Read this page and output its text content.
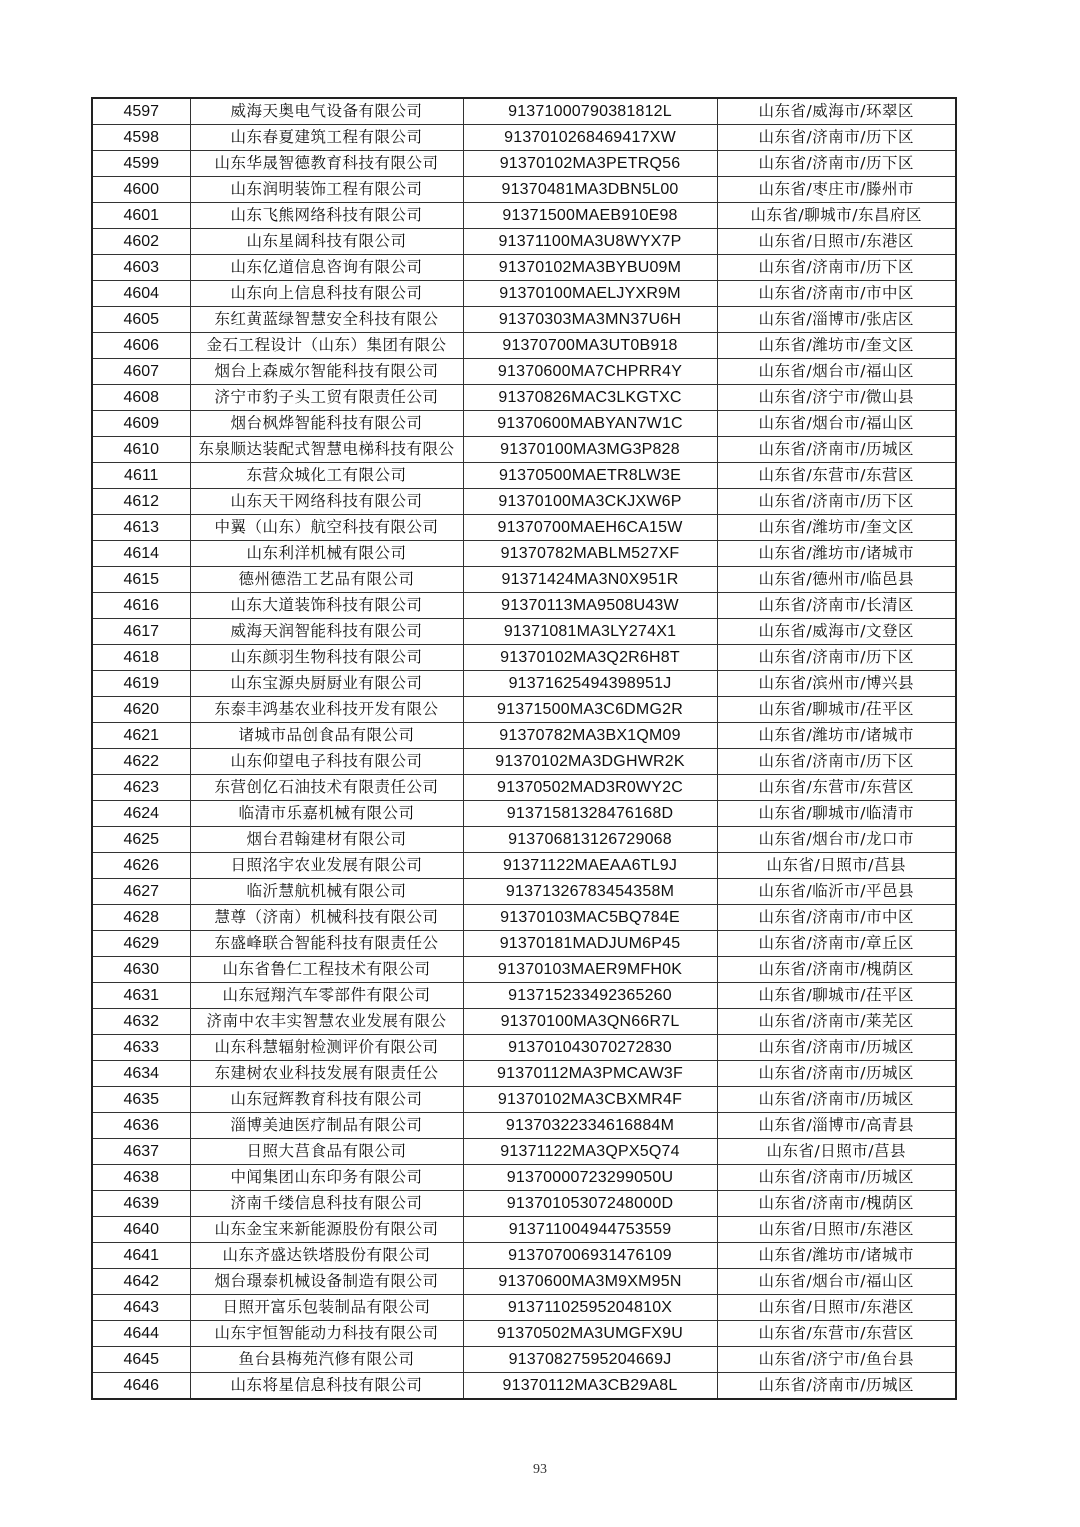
4597	威海天奥电气设备有限公司	91371000790381812L	山东省/威海市/环翠区
4598	山东春夏建筑工程有限公司	9137010268469417XW	山东省/济南市/历下区
4599	山东华晟智德教育科技有限公司	91370102MA3PETRQ56	山东省/济南市/历下区
4600	山东润明装饰工程有限公司	91370481MA3DBN5L00	山东省/枣庄市/滕州市
4601	山东飞熊网络科技有限公司	91371500MAEB910E98	山东省/聊城市/东昌府区
4602	山东星阔科技有限公司	91371100MA3U8WYX7P	山东省/日照市/东港区
4603	山东亿道信息咨询有限公司	91370102MA3BYBU09M	山东省/济南市/历下区
4604	山东向上信息科技有限公司	91370100MAELJYXR9M	山东省/济南市/市中区
4605	东红黄蓝绿智慧安全科技有限公	91370303MA3MN37U6H	山东省/淄博市/张店区
4606	金石工程设计（山东）集团有限公	91370700MA3UT0B918	山东省/潍坊市/奎文区
4607	烟台上森威尔智能科技有限公司	91370600MA7CHPRR4Y	山东省/烟台市/福山区
4608	济宁市豹子头工贸有限责任公司	91370826MAC3LKGTXC	山东省/济宁市/微山县
4609	烟台枫烨智能科技有限公司	91370600MABYAN7W1C	山东省/烟台市/福山区
4610	东泉顺达装配式智慧电梯科技有限公	91370100MA3MG3P828	山东省/济南市/历城区
4611	东营众城化工有限公司	91370500MAETR8LW3E	山东省/东营市/东营区
4612	山东天干网络科技有限公司	91370100MA3CKJXW6P	山东省/济南市/历下区
4613	中翼（山东）航空科技有限公司	91370700MAEH6CA15W	山东省/潍坊市/奎文区
4614	山东利洋机械有限公司	91370782MABLM527XF	山东省/潍坊市/诸城市
4615	德州德浩工艺品有限公司	91371424MA3N0X951R	山东省/德州市/临邑县
4616	山东大道装饰科技有限公司	91370113MA9508U43W	山东省/济南市/长清区
4617	威海天润智能科技有限公司	91371081MA3LY274X1	山东省/威海市/文登区
4618	山东颜羽生物科技有限公司	91370102MA3Q2R6H8T	山东省/济南市/历下区
4619	山东宝源央厨厨业有限公司	91371625494398951J	山东省/滨州市/博兴县
4620	东泰丰鸿基农业科技开发有限公	91371500MA3C6DMG2R	山东省/聊城市/茌平区
4621	诸城市品创食品有限公司	91370782MA3BX1QM09	山东省/潍坊市/诸城市
4622	山东仰望电子科技有限公司	91370102MA3DGHWR2K	山东省/济南市/历下区
4623	东营创亿石油技术有限责任公司	91370502MAD3R0WY2C	山东省/东营市/东营区
4624	临清市乐嘉机械有限公司	91371581328476168D	山东省/聊城市/临清市
4625	烟台君翰建材有限公司	913706813126729068	山东省/烟台市/龙口市
4626	日照洺宇农业发展有限公司	91371122MAEAA6TL9J	山东省/日照市/莒县
4627	临沂慧航机械有限公司	91371326783454358M	山东省/临沂市/平邑县
4628	慧尊（济南）机械科技有限公司	91370103MAC5BQ784E	山东省/济南市/市中区
4629	东盛峰联合智能科技有限责任公	91370181MADJUM6P45	山东省/济南市/章丘区
4630	山东省鲁仁工程技术有限公司	91370103MAER9MFH0K	山东省/济南市/槐荫区
4631	山东冠翔汽车零部件有限公司	913715233492365260	山东省/聊城市/茌平区
4632	济南中农丰实智慧农业发展有限公	91370100MA3QN66R7L	山东省/济南市/莱芜区
4633	山东科慧辐射检测评价有限公司	913701043070272830	山东省/济南市/历城区
4634	东建树农业科技发展有限责任公	91370112MA3PMCAW3F	山东省/济南市/历城区
4635	山东冠辉教育科技有限公司	91370102MA3CBXMR4F	山东省/济南市/历城区
4636	淄博美迪医疗制品有限公司	91370322334616884M	山东省/淄博市/高青县
4637	日照大莒食品有限公司	91371122MA3QPX5Q74	山东省/日照市/莒县
4638	中闻集团山东印务有限公司	91370000723299050U	山东省/济南市/历城区
4639	济南千缕信息科技有限公司	91370105307248000D	山东省/济南市/槐荫区
4640	山东金宝来新能源股份有限公司	913711004944753559	山东省/日照市/东港区
4641	山东齐盛达铁塔股份有限公司	913707006931476109	山东省/潍坊市/诸城市
4642	烟台璟泰机械设备制造有限公司	91370600MA3M9XM95N	山东省/烟台市/福山区
4643	日照开富乐包装制品有限公司	91371102595204810X	山东省/日照市/东港区
4644	山东宇恒智能动力科技有限公司	91370502MA3UMGFX9U	山东省/东营市/东营区
4645	鱼台县梅苑汽修有限公司	91370827595204669J	山东省/济宁市/鱼台县
4646	山东将星信息科技有限公司	91370112MA3CB29A8L	山东省/济南市/历城区
93
